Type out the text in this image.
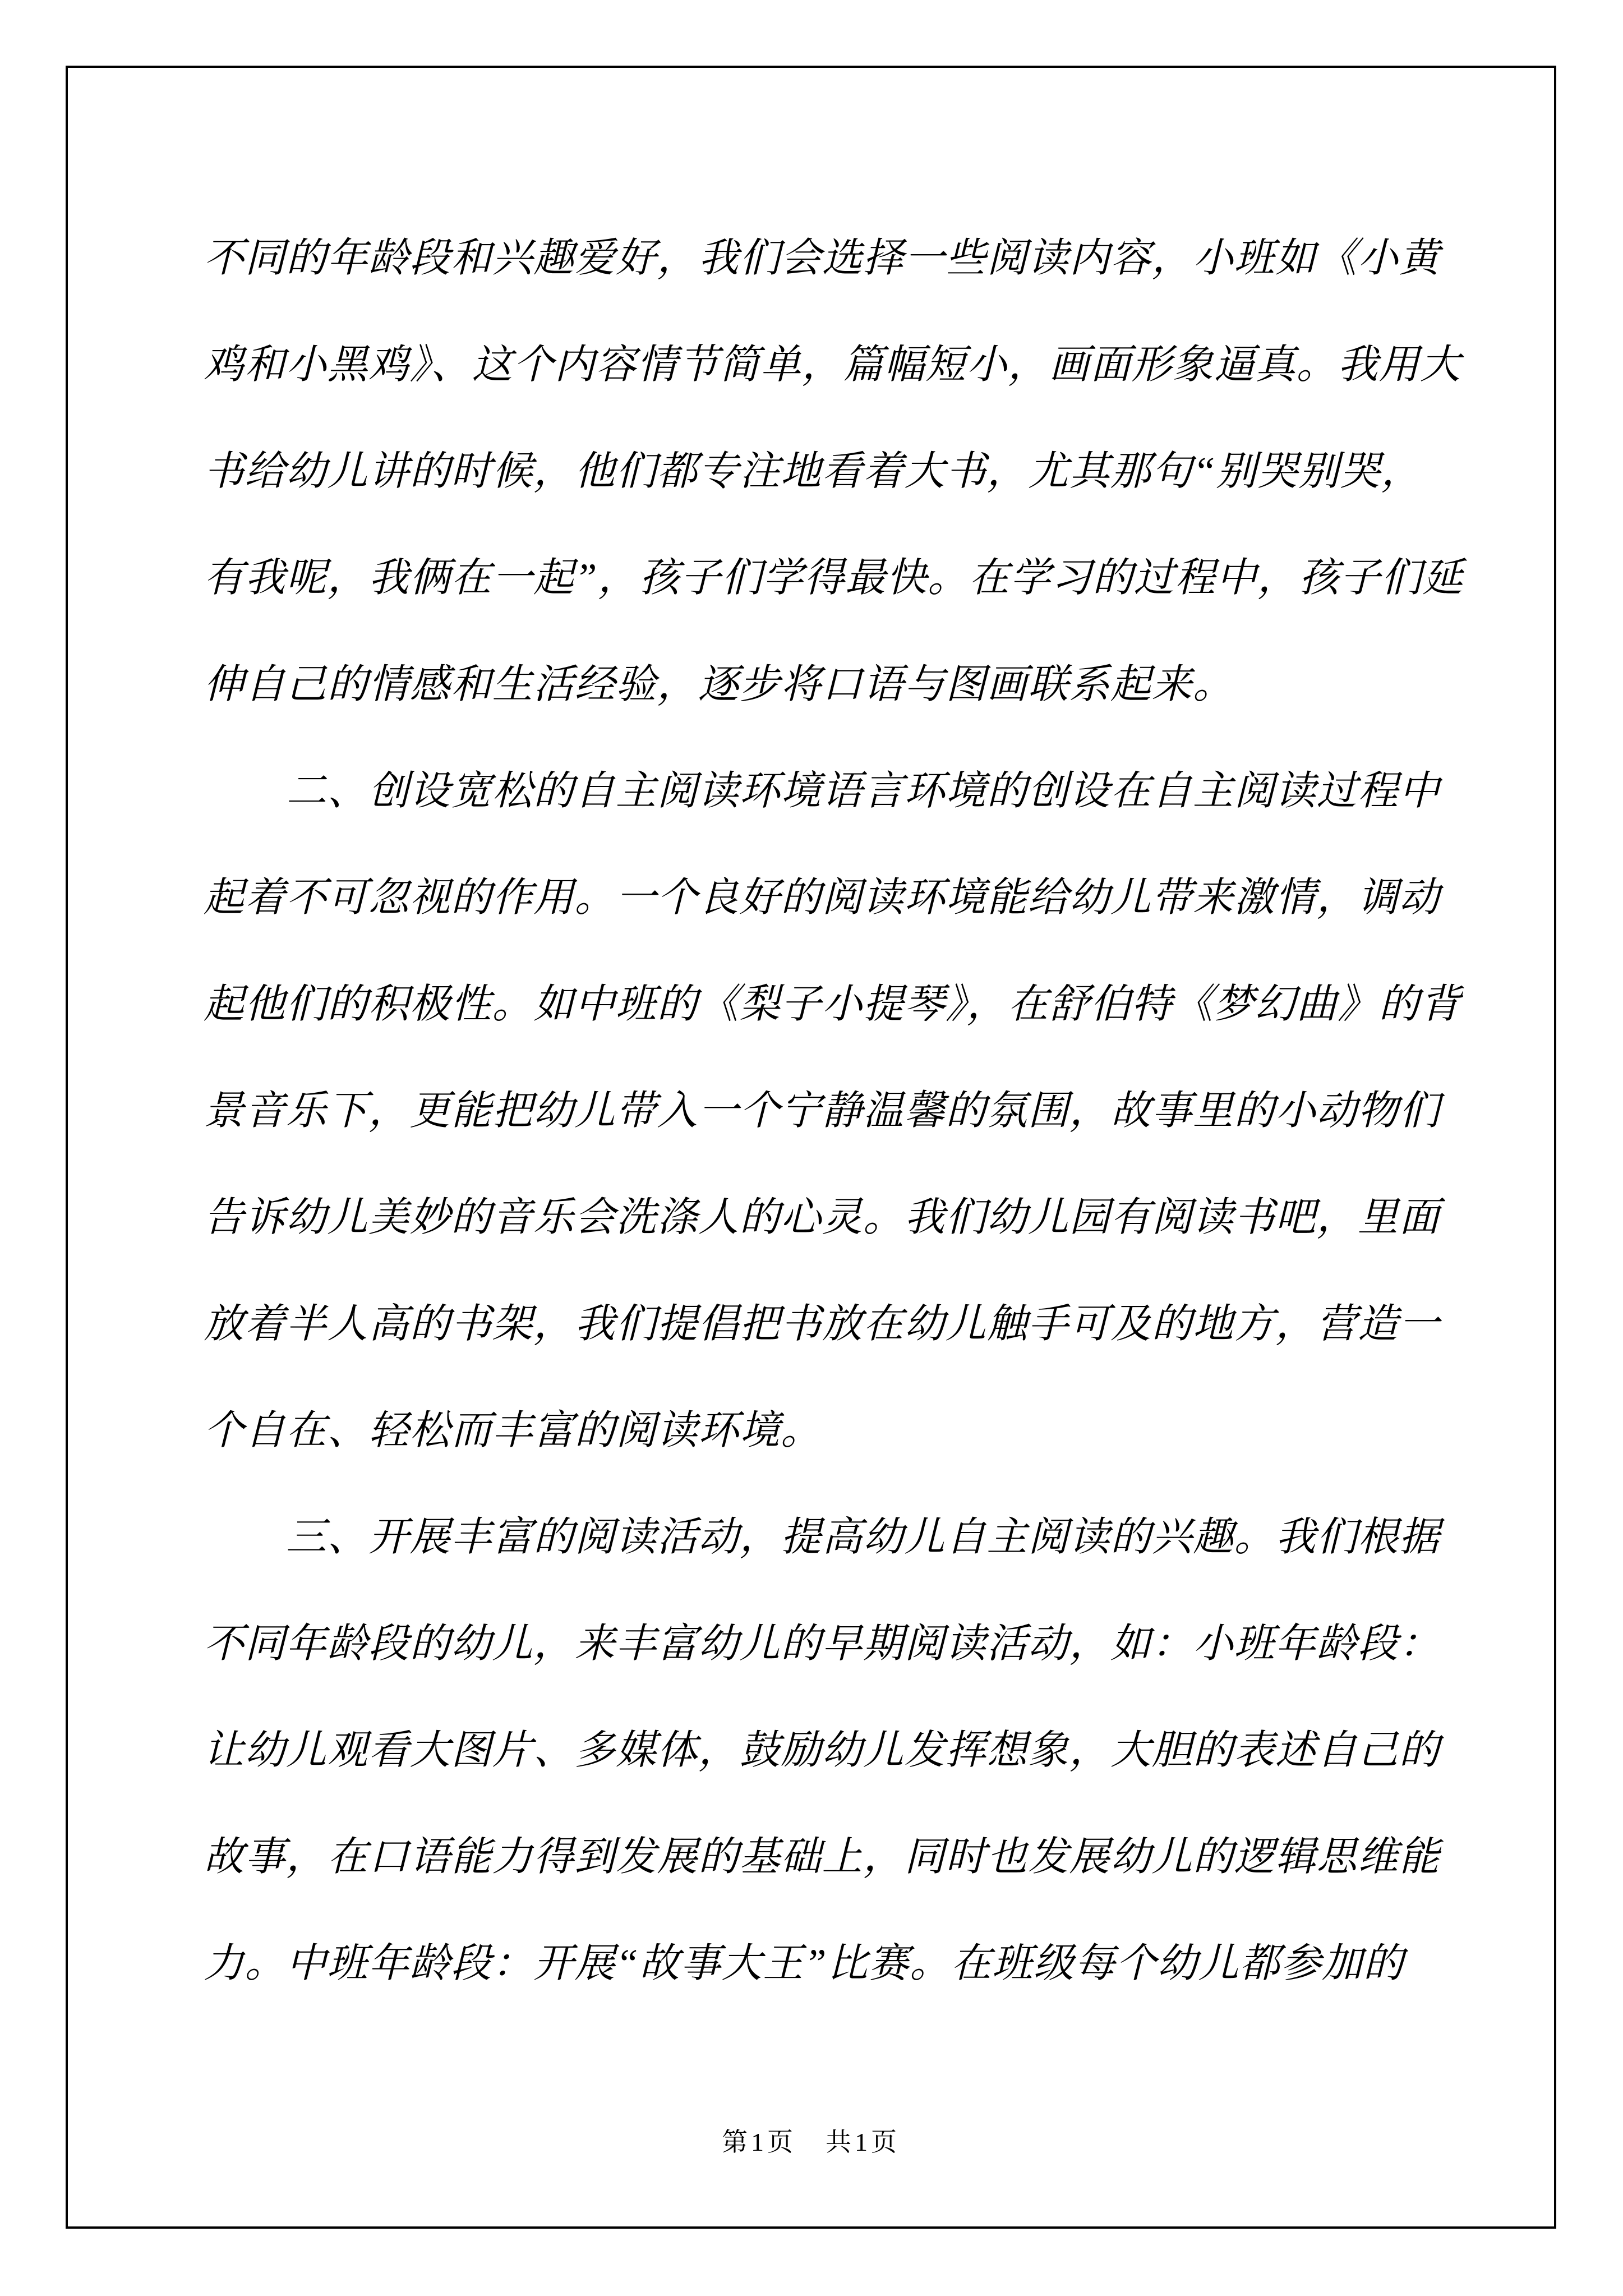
不同的年龄段和兴趣爱好，我们会选择一些阅读内容，小班如《小黄
鸡和小黑鸡》、这个内容情节简单，篇幅短小，画面形象逼真。我用大
书给幼儿讲的时候，他们都专注地看着大书，尤其那句“别哭别哭，
有我呢，我俩在一起”，孩子们学得最快。在学习的过程中，孩子们延
伸自己的情感和生活经验，逐步将口语与图画联系起来。
二、创设宽松的自主阅读环境语言环境的创设在自主阅读过程中
起着不可忽视的作用。一个良好的阅读环境能给幼儿带来激情，调动
起他们的积极性。如中班的《梨子小提琴》，在舒伯特《梦幻曲》的背
景音乐下，更能把幼儿带入一个宁静温馨的氛围，故事里的小动物们
告诉幼儿美妙的音乐会洗涤人的心灵。我们幼儿园有阅读书吧，里面
放着半人高的书架，我们提倡把书放在幼儿触手可及的地方，营造一
个自在、轻松而丰富的阅读环境。
三、开展丰富的阅读活动，提高幼儿自主阅读的兴趣。我们根据
不同年龄段的幼儿，来丰富幼儿的早期阅读活动，如：小班年龄段：
让幼儿观看大图片、多媒体，鼓励幼儿发挥想象，大胆的表述自己的
故事，在口语能力得到发展的基础上，同时也发展幼儿的逻辑思维能
力。中班年龄段：开展“故事大王”比赛。在班级每个幼儿都参加的
第1页　共1页
